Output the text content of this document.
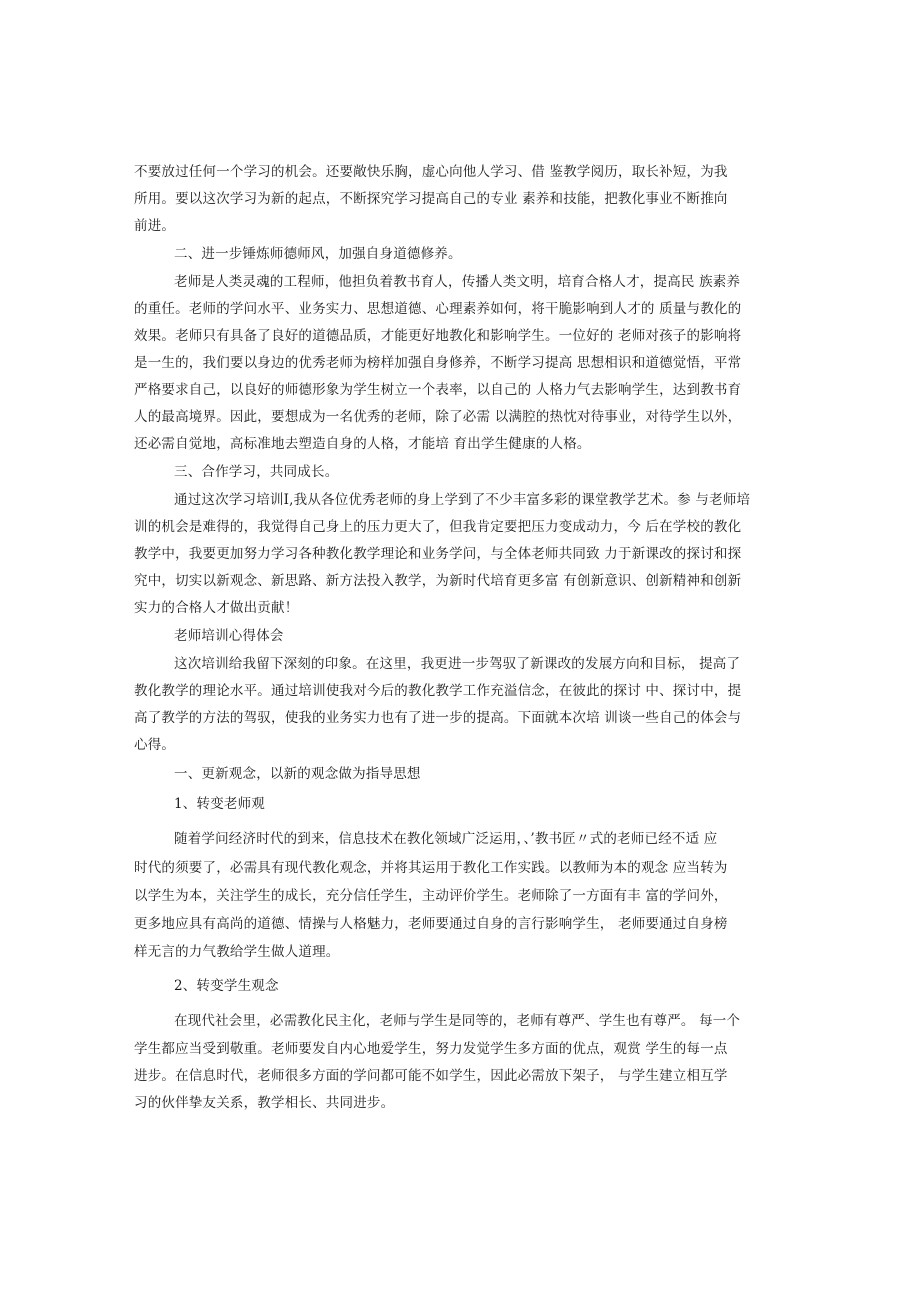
不要放过任何一个学习的机会。还要敞快乐胸，虚心向他人学习、借 鉴教学阅历，取长补短，为我
所用。要以这次学习为新的起点，不断探究学习提高自己的专业 素养和技能，把教化事业不断推向
前进。
二、进一步锤炼师德师风，加强自身道德修养。
老师是人类灵魂的工程师，他担负着教书育人，传播人类文明，培育合格人才，提高民 族素养
的重任。老师的学问水平、业务实力、思想道德、心理素养如何，将干脆影响到人才的 质量与教化的
效果。老师只有具备了良好的道德品质，才能更好地教化和影响学生。一位好的 老师对孩子的影响将
是一生的，我们要以身边的优秀老师为榜样加强自身修养，不断学习提高 思想相识和道德觉悟，平常
严格要求自己，以良好的师德形象为学生树立一个表率，以自己的 人格力气去影响学生，达到教书育
人的最高境界。因此，要想成为一名优秀的老师，除了必需 以满腔的热忱对待事业，对待学生以外，
还必需自觉地，高标准地去塑造自身的人格，才能培 育出学生健康的人格。
三、合作学习，共同成长。
通过这次学习培训I,我从各位优秀老师的身上学到了不少丰富多彩的课堂教学艺术。参 与老师培
训的机会是难得的，我觉得自己身上的压力更大了，但我肯定要把压力变成动力，今 后在学校的教化
教学中，我要更加努力学习各种教化教学理论和业务学问，与全体老师共同致 力于新课改的探讨和探
究中，切实以新观念、新思路、新方法投入教学，为新时代培育更多富 有创新意识、创新精神和创新
实力的合格人才做出贡献！
老师培训心得体会
这次培训给我留下深刻的印象。在这里，我更进一步驾驭了新课改的发展方向和目标， 提高了
教化教学的理论水平。通过培训使我对今后的教化教学工作充溢信念，在彼此的探讨 中、探讨中，提
高了教学的方法的驾驭，使我的业务实力也有了进一步的提高。下面就本次培 训谈一些自己的体会与
心得。
一、更新观念，以新的观念做为指导思想
1、转变老师观
随着学问经济时代的到来，信息技术在教化领域广泛运用，、’教书匠〃式的老师已经不适 应
时代的须要了，必需具有现代教化观念，并将其运用于教化工作实践。以教师为本的观念 应当转为
以学生为本，关注学生的成长，充分信任学生，主动评价学生。老师除了一方面有丰 富的学问外，
更多地应具有高尚的道德、情操与人格魅力，老师要通过自身的言行影响学生， 老师要通过自身榜
样无言的力气教给学生做人道理。
2、转变学生观念
在现代社会里，必需教化民主化，老师与学生是同等的，老师有尊严、学生也有尊严。 每一个
学生都应当受到敬重。老师要发自内心地爱学生，努力发觉学生多方面的优点，观赏 学生的每一点
进步。在信息时代，老师很多方面的学问都可能不如学生，因此必需放下架子， 与学生建立相互学
习的伙伴挚友关系，教学相长、共同进步。
